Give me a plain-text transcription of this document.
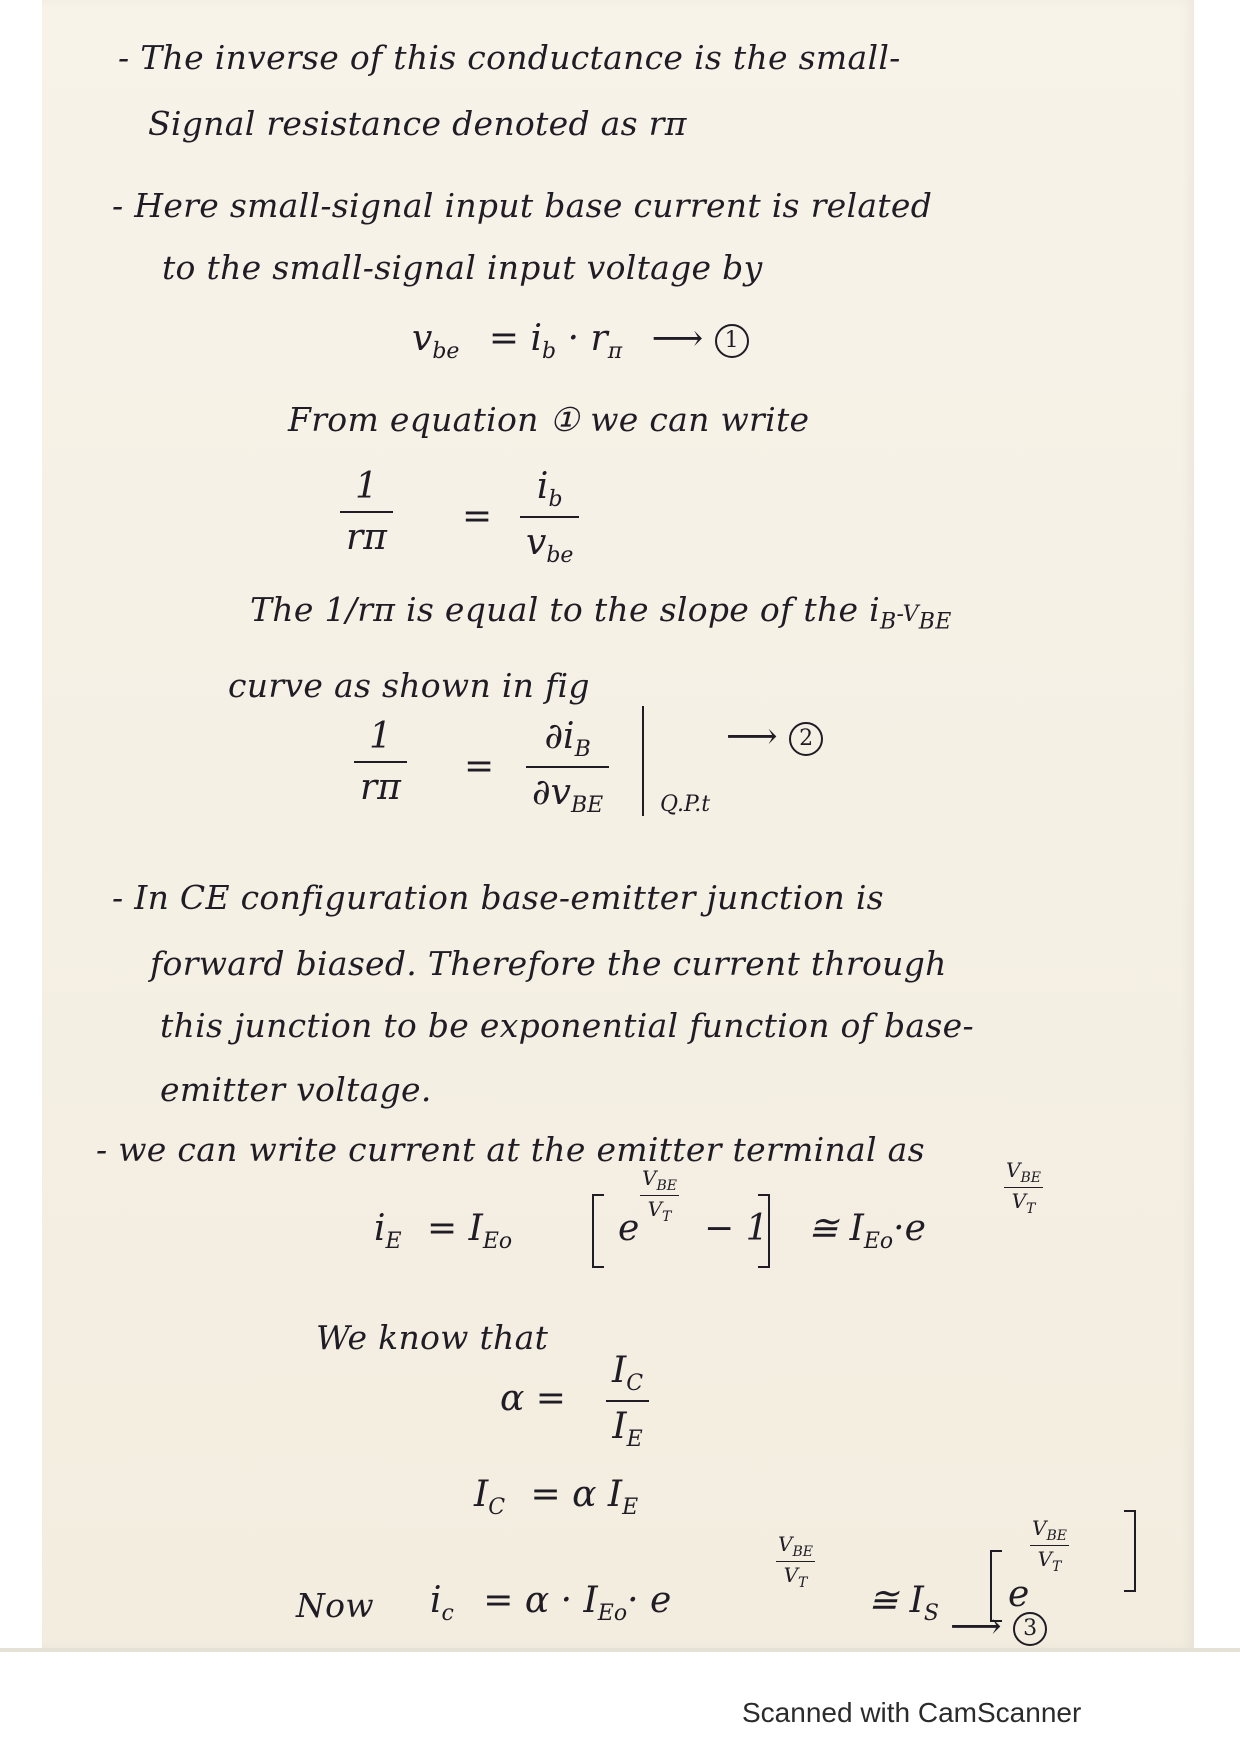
- The inverse of this conductance is the small-
Signal resistance denoted as rπ
- Here small-signal input base current is related
to the small-signal input voltage by
$v_{be} = i_b \cdot r_\pi$ ⟶ 1
From equation ① we can write
1
rπ
=
$i_b$
$v_{be}$
The 1/rπ is equal to the slope of the $i_B-V_{BE}$
curve as shown in fig
1
rπ
=
$\partial i_B$
$\partial v_{BE}$	Q.P.t
⟶ 2
- In CE configuration base-emitter junction is
forward biased. Therefore the current through
this junction to be exponential function of base-
emitter voltage.
- we can write current at the emitter terminal as
$i_E = I_{Eo}$	e
$V_{BE}$
$V_T - 1$ ≅ $I_{Eo}\cdot e$
$V_{BE}$
$V_T$
We know that
α =
$I_C$
$I_E$
$I_C = \alpha$ $I_E$
Now $i_c = \alpha \cdot I_{Eo}\cdot e$
$V_{BE}$
$V_T$ ≅ $I_S$ e
$V_{BE}$
$V_T$
⟶ 3
Scanned with CamScanner
